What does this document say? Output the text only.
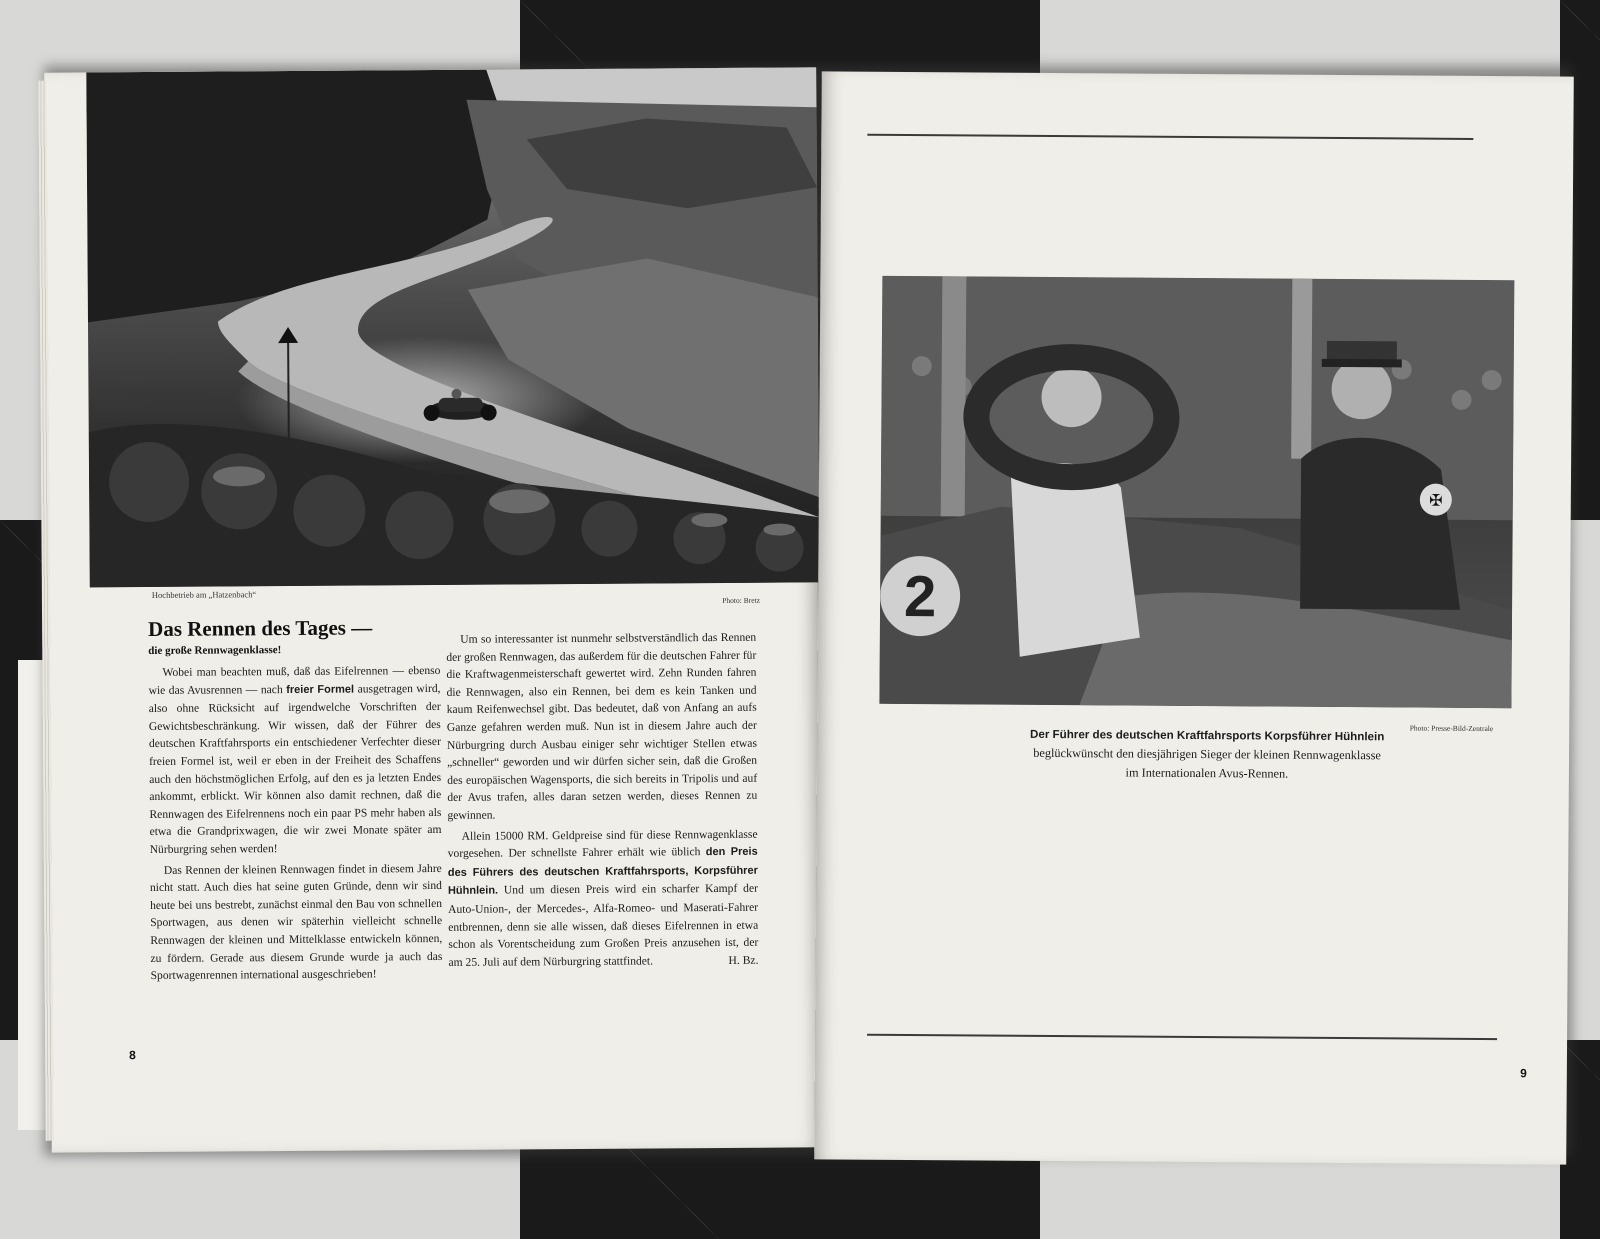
Hochbetrieb am „Hatzenbach“
Photo: Bretz
Das Rennen des Tages —
die große Rennwagenklasse!

Wobei man beachten muß, daß das Eifelrennen — ebenso wie das Avusrennen — nach freier Formel ausgetragen wird, also ohne Rücksicht auf irgendwelche Vorschriften der Gewichtsbeschränkung. Wir wissen, daß der Führer des deutschen Kraftfahrsports ein entschiedener Verfechter dieser freien Formel ist, weil er eben in der Freiheit des Schaffens auch den höchstmöglichen Erfolg, auf den es ja letzten Endes ankommt, erblickt. Wir können also damit rechnen, daß die Rennwagen des Eifelrennens noch ein paar PS mehr haben als etwa die Grandprixwagen, die wir zwei Monate später am Nürburgring sehen werden!

Das Rennen der kleinen Rennwagen findet in diesem Jahre nicht statt. Auch dies hat seine guten Gründe, denn wir sind heute bei uns bestrebt, zunächst einmal den Bau von schnellen Sportwagen, aus denen wir späterhin vielleicht schnelle Rennwagen der kleinen und Mittelklasse entwickeln können, zu fördern. Gerade aus diesem Grunde wurde ja auch das Sportwagenrennen international ausgeschrieben!

Um so interessanter ist nunmehr selbstverständlich das Rennen der großen Rennwagen, das außerdem für die deutschen Fahrer für die Kraftwagenmeisterschaft gewertet wird. Zehn Runden fahren die Rennwagen, also ein Rennen, bei dem es kein Tanken und kaum Reifenwechsel gibt. Das bedeutet, daß von Anfang an aufs Ganze gefahren werden muß. Nun ist in diesem Jahre auch der Nürburgring durch Ausbau einiger sehr wichtiger Stellen etwas „schneller“ geworden und wir dürfen sicher sein, daß die Großen des europäischen Wagensports, die sich bereits in Tripolis und auf der Avus trafen, alles daran setzen werden, dieses Rennen zu gewinnen.

Allein 15000 RM. Geldpreise sind für diese Rennwagenklasse vorgesehen. Der schnellste Fahrer erhält wie üblich den Preis des Führers des deutschen Kraftfahrsports, Korpsführer Hühnlein. Und um diesen Preis wird ein scharfer Kampf der Auto-Union-, der Mercedes-, Alfa-Romeo- und Maserati-Fahrer entbrennen, denn sie alle wissen, daß dieses Eifelrennen in etwa schon als Vorentscheidung zum Großen Preis anzusehen ist, der am 25. Juli auf dem Nürburgring stattfindet.	H. Bz.

8
2
✠
Photo: Presse-Bild-Zentrale
Der Führer des deutschen Kraftfahrsports Korpsführer Hühnlein
beglückwünscht den diesjährigen Sieger der kleinen Rennwagenklasse
im Internationalen Avus-Rennen.
9
